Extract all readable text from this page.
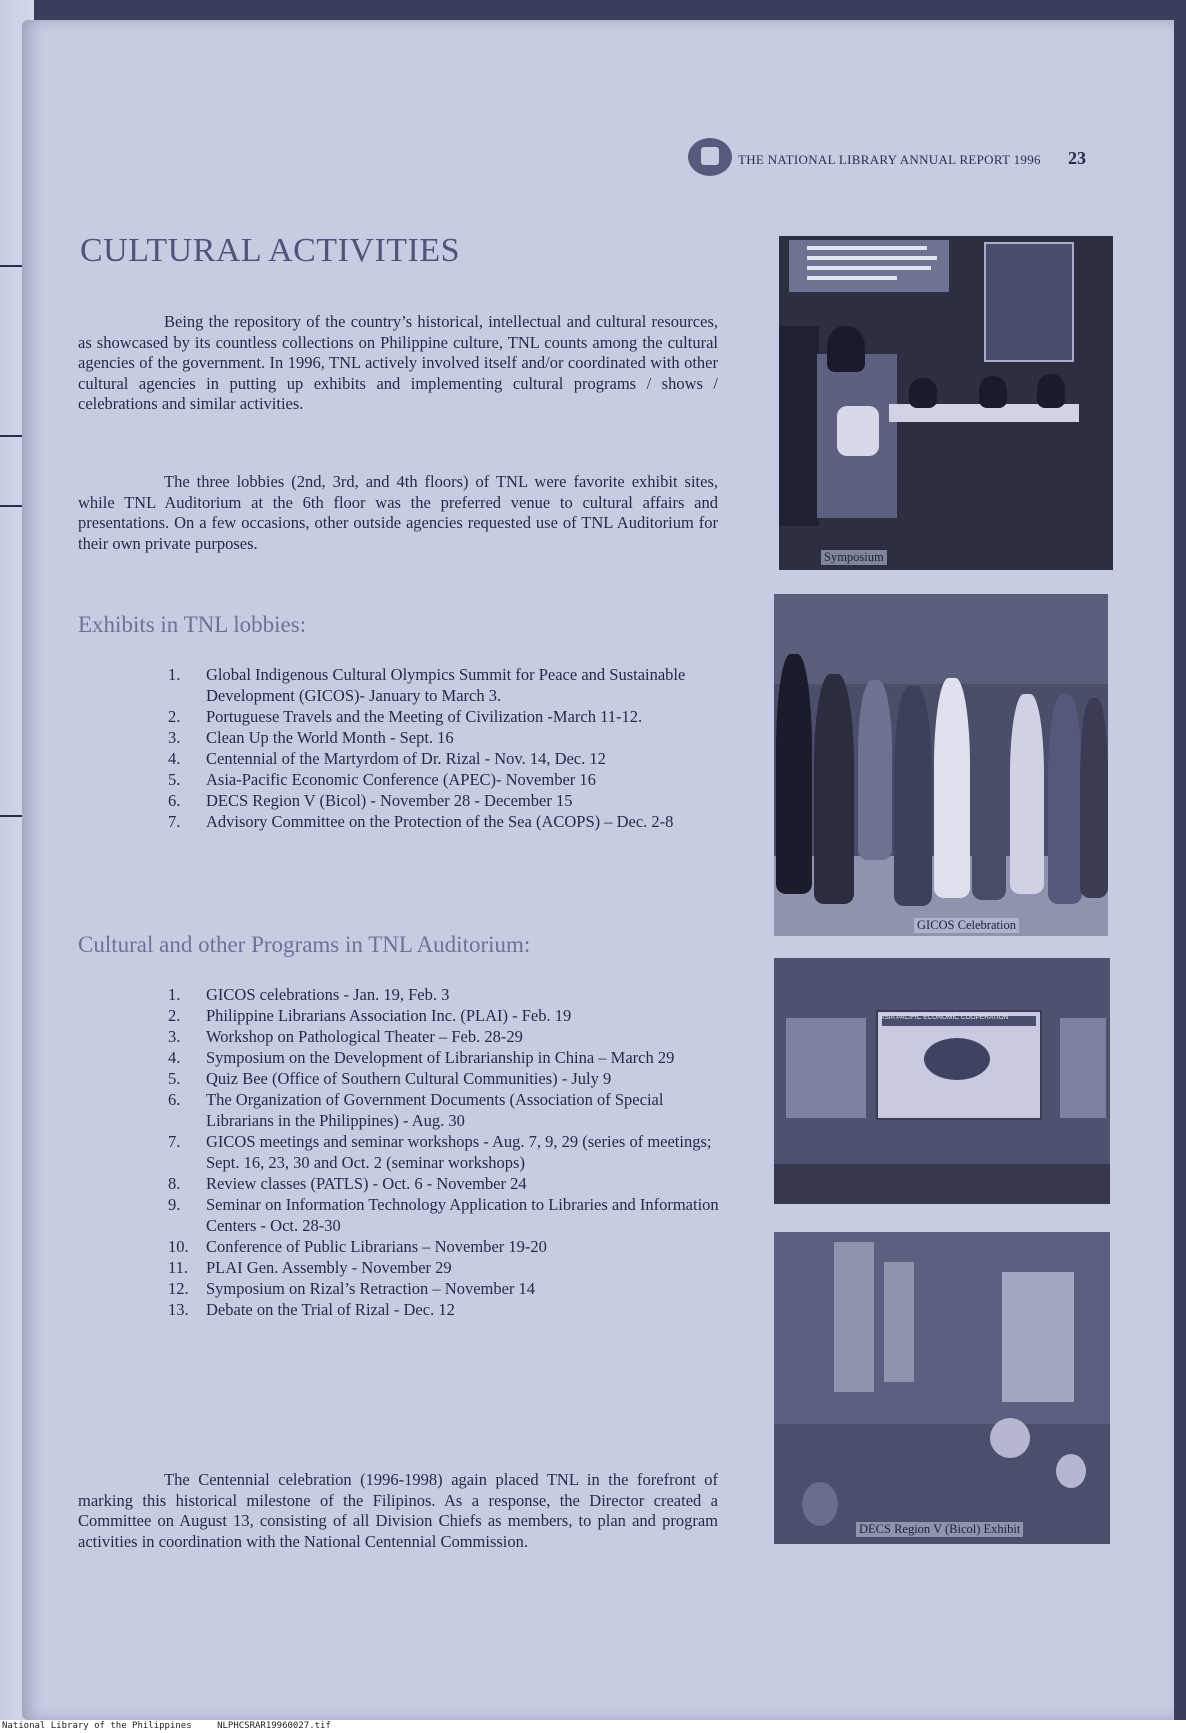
THE NATIONAL LIBRARY ANNUAL REPORT 1996 23
CULTURAL ACTIVITIES

Being the repository of the country’s historical, intellectual and cultural resources, as showcased by its countless collections on Philippine culture, TNL counts among the cultural agencies of the government. In 1996, TNL actively involved itself and/or coordinated with other cultural agencies in putting up exhibits and implementing cultural programs / shows / celebrations and similar activities.

The three lobbies (2nd, 3rd, and 4th floors) of TNL were favorite exhibit sites, while TNL Auditorium at the 6th floor was the preferred venue to cultural affairs and presentations. On a few occasions, other outside agencies requested use of TNL Auditorium for their own private purposes.

Exhibits in TNL lobbies:
1.	Global Indigenous Cultural Olympics Summit for Peace and Sustainable Development (GICOS)- January to March 3.
2.	Portuguese Travels and the Meeting of Civilization -March 11-12.
3.	Clean Up the World Month - Sept. 16
4.	Centennial of the Martyrdom of Dr. Rizal - Nov. 14, Dec. 12
5.	Asia-Pacific Economic Conference (APEC)- November 16
6.	DECS Region V (Bicol) - November 28 - December 15
7.	Advisory Committee on the Protection of the Sea (ACOPS) – Dec. 2-8
Cultural and other Programs in TNL Auditorium:
1.	GICOS celebrations - Jan. 19, Feb. 3
2.	Philippine Librarians Association Inc. (PLAI) - Feb. 19
3.	Workshop on Pathological Theater – Feb. 28-29
4.	Symposium on the Development of Librarianship in China – March 29
5.	Quiz Bee (Office of Southern Cultural Communities) - July 9
6.	The Organization of Government Documents (Association of Special Librarians in the Philippines) - Aug. 30
7.	GICOS meetings and seminar workshops - Aug. 7, 9, 29 (series of meetings; Sept. 16, 23, 30 and Oct. 2 (seminar workshops)
8.	Review classes (PATLS) - Oct. 6 - November 24
9.	Seminar on Information Technology Application to Libraries and Information Centers - Oct. 28-30
10.	Conference of Public Librarians – November 19-20
11.	PLAI Gen. Assembly - November 29
12.	Symposium on Rizal’s Retraction – November 14
13.	Debate on the Trial of Rizal - Dec. 12

The Centennial celebration (1996-1998) again placed TNL in the forefront of marking this historical milestone of the Filipinos. As a response, the Director created a Committee on August 13, consisting of all Division Chiefs as members, to plan and program activities in coordination with the National Centennial Commission.

Symposium
GICOS Celebration
ASIA PACIFIC ECONOMIC COOPERATION
DECS Region V (Bicol) Exhibit
National Library of the Philippines	NLPHCSRAR19960027.tif
